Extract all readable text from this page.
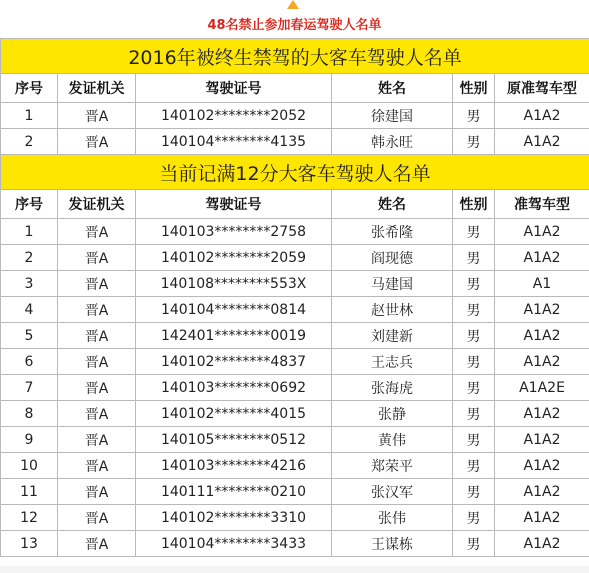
48名禁止参加春运驾驶人名单
2016年被终生禁驾的大客车驾驶人名单					
序号	发证机关	驾驶证号	姓名	性别	原准驾车型
1	晋A	140102********2052	徐建国	男	A1A2
2	晋A	140104********4135	韩永旺	男	A1A2
当前记满12分大客车驾驶人名单					
序号	发证机关	驾驶证号	姓名	性别	准驾车型
1	晋A	140103********2758	张希隆	男	A1A2
2	晋A	140102********2059	阎现德	男	A1A2
3	晋A	140108********553X	马建国	男	A1
4	晋A	140104********0814	赵世林	男	A1A2
5	晋A	142401********0019	刘建新	男	A1A2
6	晋A	140102********4837	王志兵	男	A1A2
7	晋A	140103********0692	张海虎	男	A1A2E
8	晋A	140102********4015	张静	男	A1A2
9	晋A	140105********0512	黄伟	男	A1A2
10	晋A	140103********4216	郑荣平	男	A1A2
11	晋A	140111********0210	张汉军	男	A1A2
12	晋A	140102********3310	张伟	男	A1A2
13	晋A	140104********3433	王谋栋	男	A1A2
